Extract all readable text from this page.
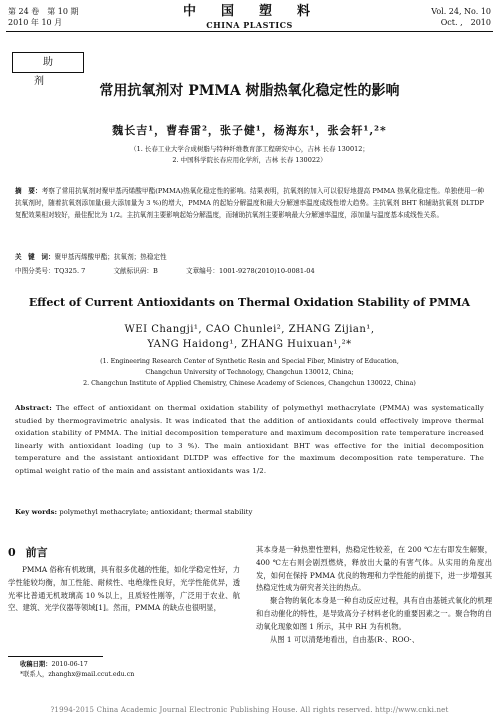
第 24 卷　第 10 期
2010 年 10 月
中　国　塑　料
CHINA PLASTICS
Vol. 24, No. 10
Oct. ,　2010
助剂
常用抗氧剂对 PMMA 树脂热氧化稳定性的影响
魏长吉¹，曹春雷²，张子健¹，杨海东¹，张会轩¹,²*
（1. 长春工业大学合成树脂与特种纤维教育部工程研究中心，吉林 长春 130012；
2. 中国科学院长春应用化学所，吉林 长春 130022）
摘　要：考察了常用抗氧剂对聚甲基丙烯酸甲酯(PMMA)热氧化稳定性的影响。结果表明，抗氧剂的加入可以很好地提高 PMMA 热氧化稳定性。单独使用一种抗氧剂时，随着抗氧剂添加量(最大添加量为 3 %)的增大，PMMA 的起始分解温度和最大分解速率温度成线性增大趋势。主抗氧剂 BHT 和辅助抗氧剂 DLTDP 复配效果相对较好，最佳配比为 1/2。主抗氧剂主要影响起始分解温度，而辅助抗氧剂主要影响最大分解速率温度，添加量与温度基本成线性关系。
关　键　词：聚甲基丙烯酸甲酯；抗氧剂；热稳定性
中图分类号：TQ325. 7	文献标识码：B	文章编号：1001-9278(2010)10-0081-04
Effect of Current Antioxidants on Thermal Oxidation Stability of PMMA
WEI Changji¹, CAO Chunlei², ZHANG Zijian¹,
YANG Haidong¹, ZHANG Huixuan¹,²*
(1. Engineering Research Center of Synthetic Resin and Special Fiber, Ministry of Education,
Changchun University of Technology, Changchun 130012, China;
2. Changchun Institute of Applied Chemistry, Chinese Academy of Sciences, Changchun 130022, China)
Abstract: The effect of antioxidant on thermal oxidation stability of polymethyl methacrylate (PMMA) was systematically studied by thermogravimetric analysis. It was indicated that the addition of antioxidants could effectively improve thermal oxidation stability of PMMA. The initial decomposition temperature and maximum decomposition rate temperature increased linearly with antioxidant loading (up to 3 %). The main antioxidant BHT was effective for the initial decomposition temperature and the assistant antioxidant DLTDP was effective for the maximum decomposition rate temperature. The optimal weight ratio of the main and assistant antioxidants was 1/2.
Key words: polymethyl methacrylate; antioxidant; thermal stability
0 前言

PMMA 俗称有机玻璃，具有很多优越的性能，如化学稳定性好，力学性能较均衡，加工性能、耐候性、电绝缘性良好，光学性能优异，透光率比普通无机玻璃高 10 %以上，且质轻性刚等，广泛用于农业、航空、建筑、光学仪器等领域[1]。然而，PMMA 的缺点也很明显，

其本身是一种热塑性塑料，热稳定性较差，在 200 ℃左右即发生解聚，400 ℃左右则会剧烈燃烧，释放出大量的有害气体。从实用的角度出发，如何在保持 PMMA 优良的物理和力学性能的前提下，进一步增强其热稳定性成为研究者关注的热点。

聚合物的氧化本身是一种自动反应过程，具有自由基链式氧化的机理和自动催化的特性，是导致高分子材料老化的重要因素之一。聚合物的自动氧化现象如图 1 所示，其中 RH 为有机物。

从图 1 可以清楚地看出，自由基(R·、ROO·、

收稿日期：2010-06-17
*联系人，zhanghx@mail.ccut.edu.cn
?1994-2015 China Academic Journal Electronic Publishing House. All rights reserved. http://www.cnki.net
